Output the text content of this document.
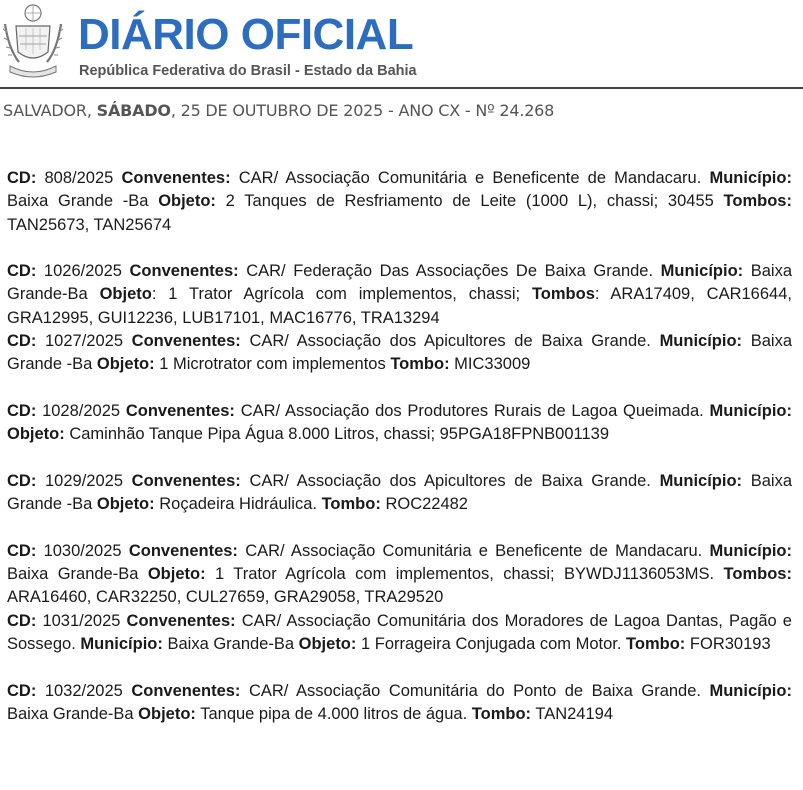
DIÁRIO OFICIAL
República Federativa do Brasil - Estado da Bahia
SALVADOR, SÁBADO, 25 DE OUTUBRO DE 2025 - ANO CX - Nº 24.268

CD: 808/2025 Convenentes: CAR/ Associação Comunitária e Beneficente de Mandacaru. Município: Baixa Grande -Ba Objeto: 2 Tanques de Resfriamento de Leite (1000 L), chassi; 30455 Tombos: TAN25673, TAN25674

CD: 1026/2025 Convenentes: CAR/ Federação Das Associações De Baixa Grande. Município: Baixa Grande-Ba Objeto: 1 Trator Agrícola com implementos, chassi; Tombos: ARA17409, CAR16644, GRA12995, GUI12236, LUB17101, MAC16776, TRA13294

CD: 1027/2025 Convenentes: CAR/ Associação dos Apicultores de Baixa Grande. Município: Baixa Grande -Ba Objeto: 1 Microtrator com implementos Tombo: MIC33009

CD: 1028/2025 Convenentes: CAR/ Associação dos Produtores Rurais de Lagoa Queimada. Município: Objeto: Caminhão Tanque Pipa Água 8.000 Litros, chassi; 95PGA18FPNB001139

CD: 1029/2025 Convenentes: CAR/ Associação dos Apicultores de Baixa Grande. Município: Baixa Grande -Ba Objeto: Roçadeira Hidráulica. Tombo: ROC22482

CD: 1030/2025 Convenentes: CAR/ Associação Comunitária e Beneficente de Mandacaru. Município: Baixa Grande-Ba Objeto: 1 Trator Agrícola com implementos, chassi; BYWDJ1136053MS. Tombos: ARA16460, CAR32250, CUL27659, GRA29058, TRA29520

CD: 1031/2025 Convenentes: CAR/ Associação Comunitária dos Moradores de Lagoa Dantas, Pagão e Sossego. Município: Baixa Grande-Ba Objeto: 1 Forrageira Conjugada com Motor. Tombo: FOR30193

CD: 1032/2025 Convenentes: CAR/ Associação Comunitária do Ponto de Baixa Grande. Município: Baixa Grande-Ba Objeto: Tanque pipa de 4.000 litros de água. Tombo: TAN24194
